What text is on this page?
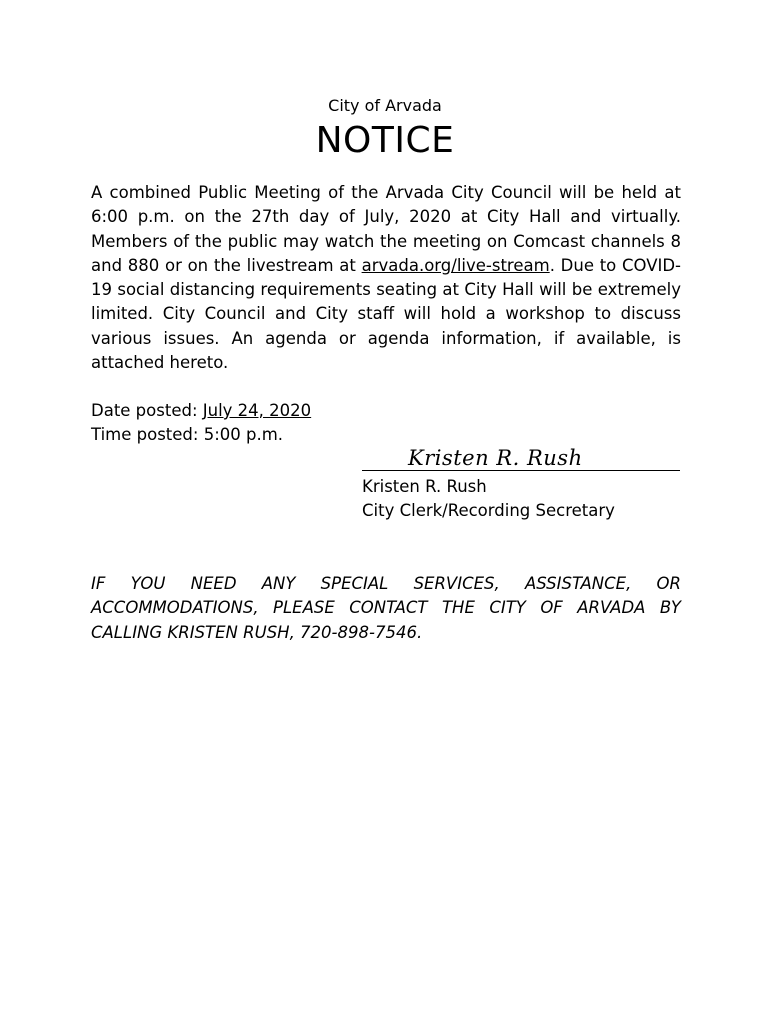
City of Arvada
NOTICE
A combined Public Meeting of the Arvada City Council will be held at 6:00 p.m. on the 27th day of July, 2020 at City Hall and virtually. Members of the public may watch the meeting on Comcast channels 8 and 880 or on the livestream at arvada.org/live-stream. Due to COVID-19 social distancing requirements seating at City Hall will be extremely limited. City Council and City staff will hold a workshop to discuss various issues. An agenda or agenda information, if available, is attached hereto.
Date posted: July 24, 2020
Time posted: 5:00 p.m.
Kristen R. Rush
Kristen R. Rush
City Clerk/Recording Secretary
IF YOU NEED ANY SPECIAL SERVICES, ASSISTANCE, OR ACCOMMODATIONS, PLEASE CONTACT THE CITY OF ARVADA BY CALLING KRISTEN RUSH, 720-898-7546.
